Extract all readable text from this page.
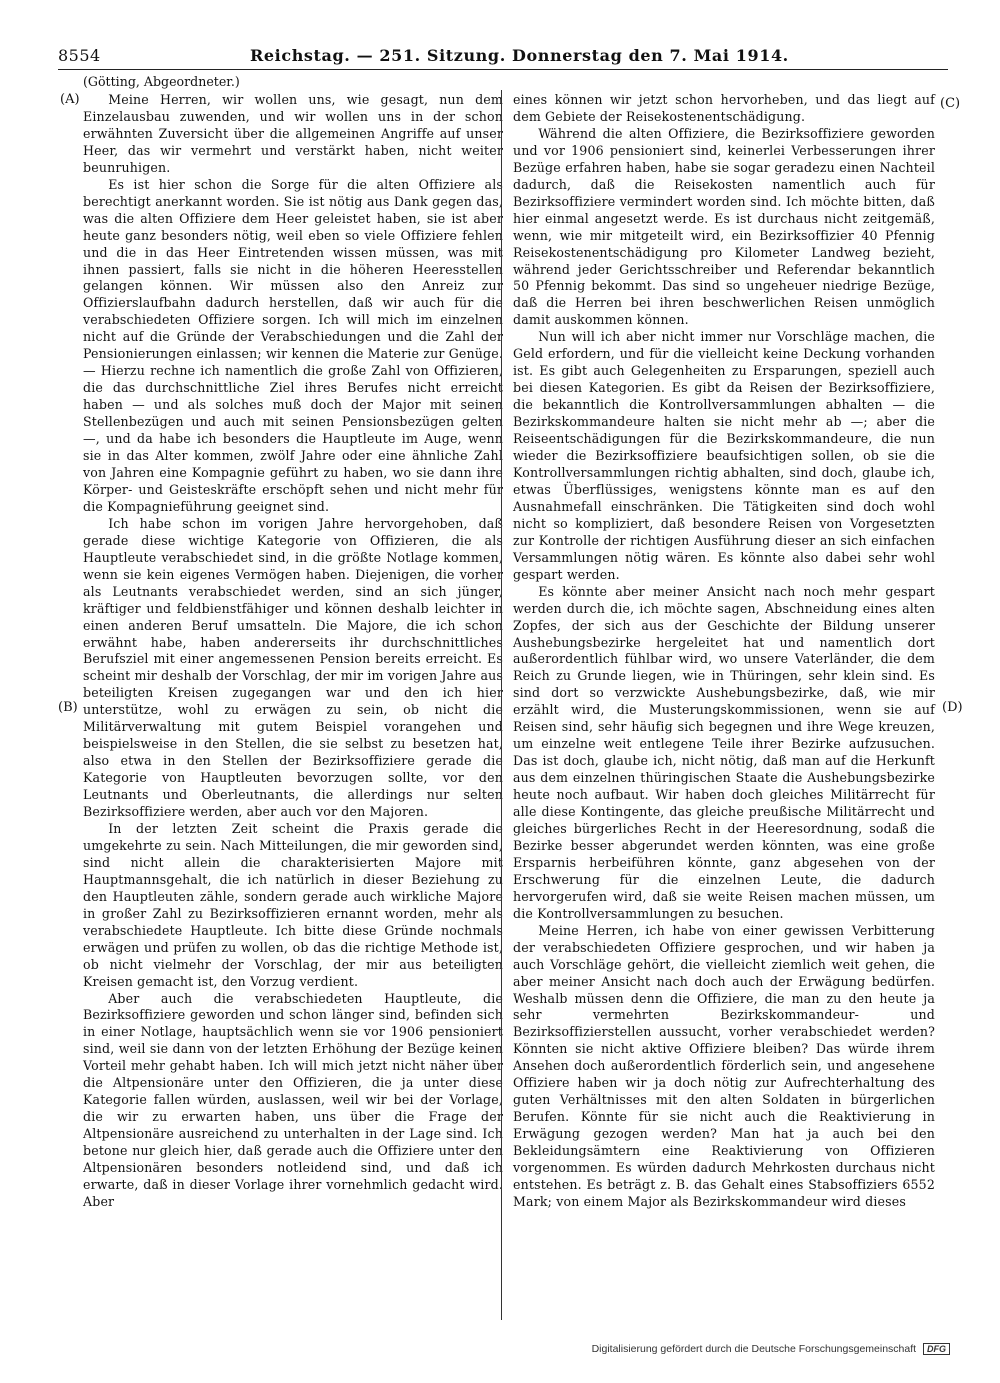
8554	Reichstag. — 251. Sitzung. Donnerstag den 7. Mai 1914.

(Götting, Abgeordneter.)

(A)
(B)
(C)
(D)

Meine Herren, wir wollen uns, wie gesagt, nun dem Einzelausbau zuwenden, und wir wollen uns in der schon erwähnten Zuversicht über die allgemeinen Angriffe auf unser Heer, das wir vermehrt und verstärkt haben, nicht weiter beunruhigen.

Es ist hier schon die Sorge für die alten Offiziere als berechtigt anerkannt worden. Sie ist nötig aus Dank gegen das, was die alten Offiziere dem Heer geleistet haben, sie ist aber heute ganz besonders nötig, weil eben so viele Offiziere fehlen und die in das Heer Eintretenden wissen müssen, was mit ihnen passiert, falls sie nicht in die höheren Heeresstellen gelangen können. Wir müssen also den Anreiz zur Offizierslaufbahn dadurch herstellen, daß wir auch für die verabschiedeten Offiziere sorgen. Ich will mich im einzelnen nicht auf die Gründe der Verabschiedungen und die Zahl der Pensionierungen einlassen; wir kennen die Materie zur Genüge. — Hierzu rechne ich namentlich die große Zahl von Offizieren, die das durchschnittliche Ziel ihres Berufes nicht erreicht haben — und als solches muß doch der Major mit seinen Stellenbezügen und auch mit seinen Pensionsbezügen gelten —, und da habe ich besonders die Hauptleute im Auge, wenn sie in das Alter kommen, zwölf Jahre oder eine ähnliche Zahl von Jahren eine Kompagnie geführt zu haben, wo sie dann ihre Körper- und Geisteskräfte erschöpft sehen und nicht mehr für die Kompagnieführung geeignet sind.

Ich habe schon im vorigen Jahre hervorgehoben, daß gerade diese wichtige Kategorie von Offizieren, die als Hauptleute verabschiedet sind, in die größte Notlage kommen, wenn sie kein eigenes Vermögen haben. Diejenigen, die vorher als Leutnants verabschiedet werden, sind an sich jünger, kräftiger und feldbienstfähiger und können deshalb leichter in einen anderen Beruf umsatteln. Die Majore, die ich schon erwähnt habe, haben andererseits ihr durchschnittliches Berufsziel mit einer angemessenen Pension bereits erreicht. Es scheint mir deshalb der Vorschlag, der mir im vorigen Jahre aus beteiligten Kreisen zugegangen war und den ich hier unterstütze, wohl zu erwägen zu sein, ob nicht die Militärverwaltung mit gutem Beispiel vorangehen und beispielsweise in den Stellen, die sie selbst zu besetzen hat, also etwa in den Stellen der Bezirksoffiziere gerade die Kategorie von Hauptleuten bevorzugen sollte, vor den Leutnants und Oberleutnants, die allerdings nur selten Bezirksoffiziere werden, aber auch vor den Majoren.

In der letzten Zeit scheint die Praxis gerade die umgekehrte zu sein. Nach Mitteilungen, die mir geworden sind, sind nicht allein die charakterisierten Majore mit Hauptmannsgehalt, die ich natürlich in dieser Beziehung zu den Hauptleuten zähle, sondern gerade auch wirkliche Majore in großer Zahl zu Bezirksoffizieren ernannt worden, mehr als verabschiedete Hauptleute. Ich bitte diese Gründe nochmals erwägen und prüfen zu wollen, ob das die richtige Methode ist, ob nicht vielmehr der Vorschlag, der mir aus beteiligten Kreisen gemacht ist, den Vorzug verdient.

Aber auch die verabschiedeten Hauptleute, die Bezirksoffiziere geworden und schon länger sind, befinden sich in einer Notlage, hauptsächlich wenn sie vor 1906 pensioniert sind, weil sie dann von der letzten Erhöhung der Bezüge keinen Vorteil mehr gehabt haben. Ich will mich jetzt nicht näher über die Altpensionäre unter den Offizieren, die ja unter diese Kategorie fallen würden, auslassen, weil wir bei der Vorlage, die wir zu erwarten haben, uns über die Frage der Altpensionäre ausreichend zu unterhalten in der Lage sind. Ich betone nur gleich hier, daß gerade auch die Offiziere unter den Altpensionären besonders notleidend sind, und daß ich erwarte, daß in dieser Vorlage ihrer vornehmlich gedacht wird. Aber

eines können wir jetzt schon hervorheben, und das liegt auf dem Gebiete der Reisekostenentschädigung.

Während die alten Offiziere, die Bezirksoffiziere geworden und vor 1906 pensioniert sind, keinerlei Verbesserungen ihrer Bezüge erfahren haben, habe sie sogar geradezu einen Nachteil dadurch, daß die Reisekosten namentlich auch für Bezirksoffiziere vermindert worden sind. Ich möchte bitten, daß hier einmal angesetzt werde. Es ist durchaus nicht zeitgemäß, wenn, wie mir mitgeteilt wird, ein Bezirksoffizier 40 Pfennig Reisekostenentschädigung pro Kilometer Landweg bezieht, während jeder Gerichtsschreiber und Referendar bekanntlich 50 Pfennig bekommt. Das sind so ungeheuer niedrige Bezüge, daß die Herren bei ihren beschwerlichen Reisen unmöglich damit auskommen können.

Nun will ich aber nicht immer nur Vorschläge machen, die Geld erfordern, und für die vielleicht keine Deckung vorhanden ist. Es gibt auch Gelegenheiten zu Ersparungen, speziell auch bei diesen Kategorien. Es gibt da Reisen der Bezirksoffiziere, die bekanntlich die Kontrollversammlungen abhalten — die Bezirkskommandeure halten sie nicht mehr ab —; aber die Reiseentschädigungen für die Bezirkskommandeure, die nun wieder die Bezirksoffiziere beaufsichtigen sollen, ob sie die Kontrollversammlungen richtig abhalten, sind doch, glaube ich, etwas Überflüssiges, wenigstens könnte man es auf den Ausnahmefall einschränken. Die Tätigkeiten sind doch wohl nicht so kompliziert, daß besondere Reisen von Vorgesetzten zur Kontrolle der richtigen Ausführung dieser an sich einfachen Versammlungen nötig wären. Es könnte also dabei sehr wohl gespart werden.

Es könnte aber meiner Ansicht nach noch mehr gespart werden durch die, ich möchte sagen, Abschneidung eines alten Zopfes, der sich aus der Geschichte der Bildung unserer Aushebungsbezirke hergeleitet hat und namentlich dort außerordentlich fühlbar wird, wo unsere Vaterländer, die dem Reich zu Grunde liegen, wie in Thüringen, sehr klein sind. Es sind dort so verzwickte Aushebungsbezirke, daß, wie mir erzählt wird, die Musterungskommissionen, wenn sie auf Reisen sind, sehr häufig sich begegnen und ihre Wege kreuzen, um einzelne weit entlegene Teile ihrer Bezirke aufzusuchen. Das ist doch, glaube ich, nicht nötig, daß man auf die Herkunft aus dem einzelnen thüringischen Staate die Aushebungsbezirke heute noch aufbaut. Wir haben doch gleiches Militärrecht für alle diese Kontingente, das gleiche preußische Militärrecht und gleiches bürgerliches Recht in der Heeresordnung, sodaß die Bezirke besser abgerundet werden könnten, was eine große Ersparnis herbeiführen könnte, ganz abgesehen von der Erschwerung für die einzelnen Leute, die dadurch hervorgerufen wird, daß sie weite Reisen machen müssen, um die Kontrollversammlungen zu besuchen.

Meine Herren, ich habe von einer gewissen Verbitterung der verabschiedeten Offiziere gesprochen, und wir haben ja auch Vorschläge gehört, die vielleicht ziemlich weit gehen, die aber meiner Ansicht nach doch auch der Erwägung bedürfen. Weshalb müssen denn die Offiziere, die man zu den heute ja sehr vermehrten Bezirkskommandeur- und Bezirksoffizierstellen aussucht, vorher verabschiedet werden? Könnten sie nicht aktive Offiziere bleiben? Das würde ihrem Ansehen doch außerordentlich förderlich sein, und angesehene Offiziere haben wir ja doch nötig zur Aufrechterhaltung des guten Verhältnisses mit den alten Soldaten in bürgerlichen Berufen. Könnte für sie nicht auch die Reaktivierung in Erwägung gezogen werden? Man hat ja auch bei den Bekleidungsämtern eine Reaktivierung von Offizieren vorgenommen. Es würden dadurch Mehrkosten durchaus nicht entstehen. Es beträgt z. B. das Gehalt eines Stabsoffiziers 6552 Mark; von einem Major als Bezirkskommandeur wird dieses

Digitalisierung gefördert durch die Deutsche Forschungsgemeinschaft DFG
